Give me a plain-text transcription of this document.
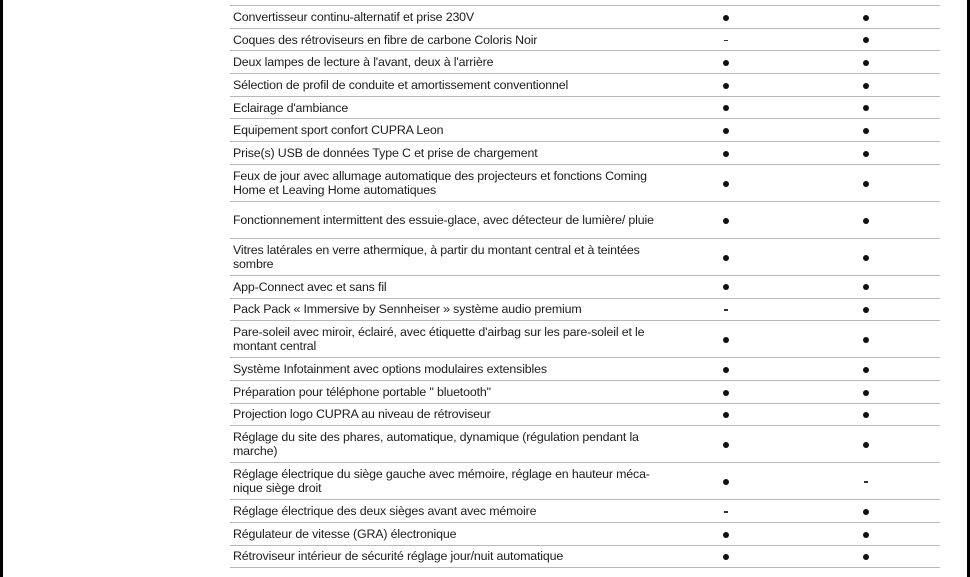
Convertisseur continu-alternatif et prise 230V
Coques des rétroviseurs en fibre de carbone Coloris Noir
Deux lampes de lecture à l'avant, deux à l'arrière
Sélection de profil de conduite et amortissement conventionnel
Eclairage d'ambiance
Equipement sport confort CUPRA Leon
Prise(s) USB de données Type C et prise de chargement
Feux de jour avec allumage automatique des projecteurs et fonctions Coming Home et Leaving Home automatiques
Fonctionnement intermittent des essuie-glace, avec détecteur de lumière/ pluie
Vitres latérales en verre athermique, à partir du montant central et à teintées sombre
App-Connect avec et sans fil
Pack Pack « Immersive by Sennheiser » système audio premium
Pare-soleil avec miroir, éclairé, avec étiquette d'airbag sur les pare-soleil et le montant central
Système Infotainment avec options modulaires extensibles
Préparation pour téléphone portable " bluetooth"
Projection logo CUPRA au niveau de rétroviseur
Réglage du site des phares, automatique, dynamique (régulation pendant la marche)
Réglage électrique du siège gauche avec mémoire, réglage en hauteur méca-nique siège droit
Réglage électrique des deux sièges avant avec mémoire
Régulateur de vitesse (GRA) électronique
Rétroviseur intérieur de sécurité réglage jour/nuit automatique
